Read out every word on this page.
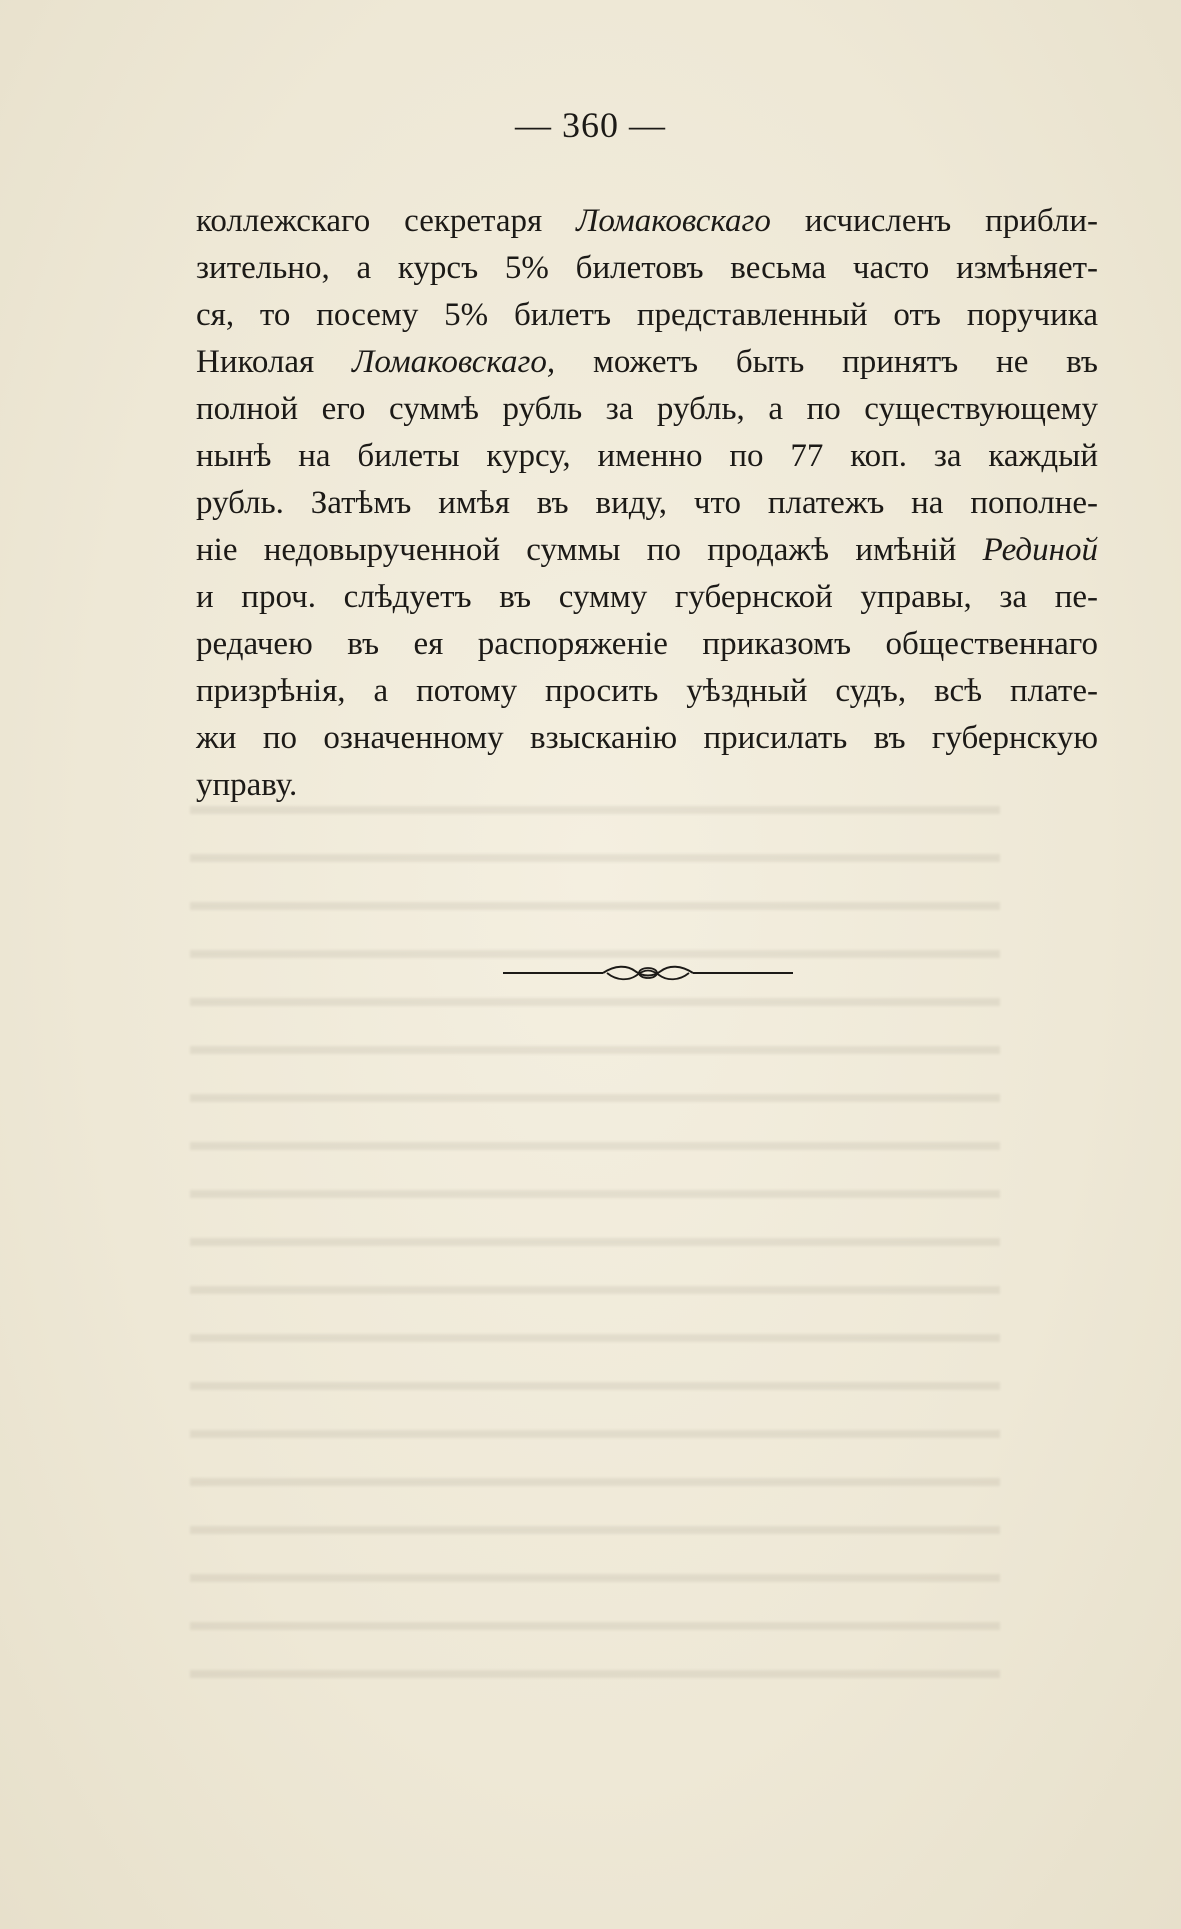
— 360 —
коллежскаго секретаря Ломаковскаго исчисленъ прибли-
зительно, а курсъ 5% билетовъ весьма часто измѣняет-
ся, то посему 5% билетъ представленный отъ поручика
Николая Ломаковскаго, можетъ быть принятъ не въ
полной его суммѣ рубль за рубль, а по существующему
нынѣ на билеты курсу, именно по 77 коп. за каждый
рубль. Затѣмъ имѣя въ виду, что платежъ на пополне-
ніе недовырученной суммы по продажѣ имѣній Рединой
и проч. слѣдуетъ въ сумму губернской управы, за пе-
редачею въ ея распоряженіе приказомъ общественнаго
призрѣнія, а потому просить уѣздный судъ, всѣ плате-
жи по означенному взысканію присилать въ губернскую
управу.
